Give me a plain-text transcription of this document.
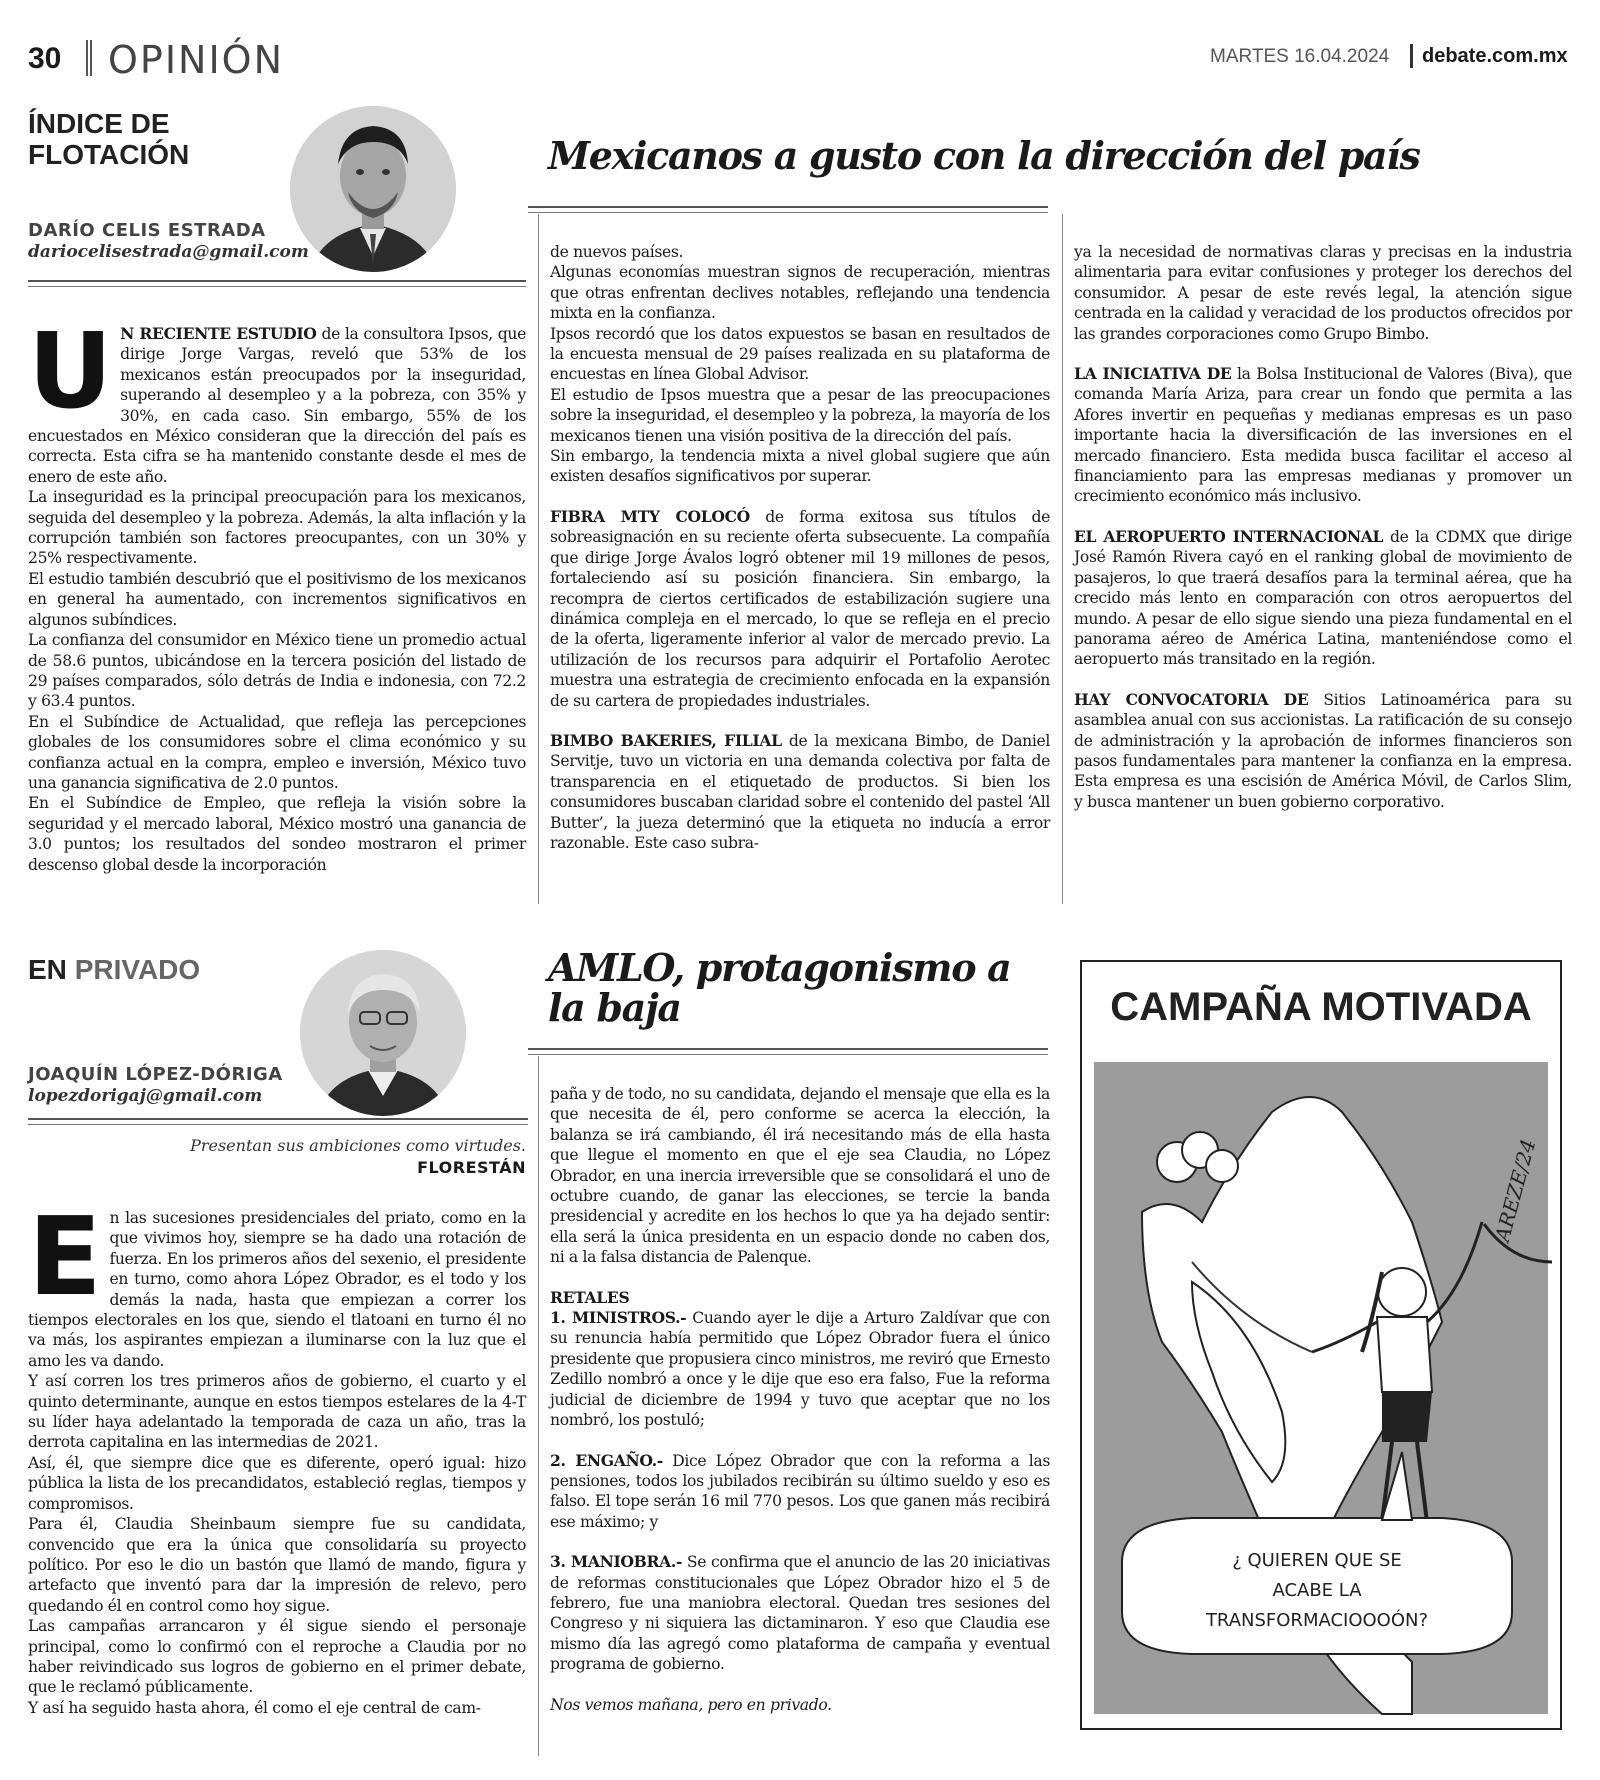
30 OPINIÓN	MARTES 16.04.2024 debate.com.mx
ÍNDICE DE
FLOTACIÓN
DARÍO CELIS ESTRADA
dariocelisestrada@gmail.com
Mexicanos a gusto con la dirección del país
U N RECIENTE ESTUDIO de la consultora Ipsos, que dirige Jorge Vargas, reveló que 53% de los mexicanos están preocupados por la inseguridad, superando al desempleo y a la pobreza, con 35% y 30%, en cada caso. Sin embargo, 55% de los encuestados en México consideran que la dirección del país es correcta. Esta cifra se ha mantenido constante desde el mes de enero de este año.

La inseguridad es la principal preocupación para los mexicanos, seguida del desempleo y la pobreza. Además, la alta inflación y la corrupción también son factores preocupantes, con un 30% y 25% respectivamente.

El estudio también descubrió que el positivismo de los mexicanos en general ha aumentado, con incrementos significativos en algunos subíndices.

La confianza del consumidor en México tiene un promedio actual de 58.6 puntos, ubicándose en la tercera posición del listado de 29 países comparados, sólo detrás de India e indonesia, con 72.2 y 63.4 puntos.

En el Subíndice de Actualidad, que refleja las percepciones globales de los consumidores sobre el clima económico y su confianza actual en la compra, empleo e inversión, México tuvo una ganancia significativa de 2.0 puntos.

En el Subíndice de Empleo, que refleja la visión sobre la seguridad y el mercado laboral, México mostró una ganancia de 3.0 puntos; los resultados del sondeo mostraron el primer descenso global desde la incorporación

de nuevos países.

Algunas economías muestran signos de recuperación, mientras que otras enfrentan declives notables, reflejando una tendencia mixta en la confianza.

Ipsos recordó que los datos expuestos se basan en resultados de la encuesta mensual de 29 países realizada en su plataforma de encuestas en línea Global Advisor.

El estudio de Ipsos muestra que a pesar de las preocupaciones sobre la inseguridad, el desempleo y la pobreza, la mayoría de los mexicanos tienen una visión positiva de la dirección del país.

Sin embargo, la tendencia mixta a nivel global sugiere que aún existen desafíos significativos por superar.

FIBRA MTY COLOCÓ de forma exitosa sus títulos de sobreasignación en su reciente oferta subsecuente. La compañía que dirige Jorge Ávalos logró obtener mil 19 millones de pesos, fortaleciendo así su posición financiera. Sin embargo, la recompra de ciertos certificados de estabilización sugiere una dinámica compleja en el mercado, lo que se refleja en el precio de la oferta, ligeramente inferior al valor de mercado previo. La utilización de los recursos para adquirir el Portafolio Aerotec muestra una estrategia de crecimiento enfocada en la expansión de su cartera de propiedades industriales.

BIMBO BAKERIES, FILIAL de la mexicana Bimbo, de Daniel Servitje, tuvo un victoria en una demanda colectiva por falta de transparencia en el etiquetado de productos. Si bien los consumidores buscaban claridad sobre el contenido del pastel ‘All Butter’, la jueza determinó que la etiqueta no inducía a error razonable. Este caso subra-

ya la necesidad de normativas claras y precisas en la industria alimentaria para evitar confusiones y proteger los derechos del consumidor. A pesar de este revés legal, la atención sigue centrada en la calidad y veracidad de los productos ofrecidos por las grandes corporaciones como Grupo Bimbo.

LA INICIATIVA DE la Bolsa Institucional de Valores (Biva), que comanda María Ariza, para crear un fondo que permita a las Afores invertir en pequeñas y medianas empresas es un paso importante hacia la diversificación de las inversiones en el mercado financiero. Esta medida busca facilitar el acceso al financiamiento para las empresas medianas y promover un crecimiento económico más inclusivo.

EL AEROPUERTO INTERNACIONAL de la CDMX que dirige José Ramón Rivera cayó en el ranking global de movimiento de pasajeros, lo que traerá desafíos para la terminal aérea, que ha crecido más lento en comparación con otros aeropuertos del mundo. A pesar de ello sigue siendo una pieza fundamental en el panorama aéreo de América Latina, manteniéndose como el aeropuerto más transitado en la región.

HAY CONVOCATORIA DE Sitios Latinoamérica para su asamblea anual con sus accionistas. La ratificación de su consejo de administración y la aprobación de informes financieros son pasos fundamentales para mantener la confianza en la empresa. Esta empresa es una escisión de América Móvil, de Carlos Slim, y busca mantener un buen gobierno corporativo.

EN PRIVADO
JOAQUÍN LÓPEZ-DÓRIGA
lopezdorigaj@gmail.com
Presentan sus ambiciones como virtudes.
FLORESTÁN
AMLO, protagonismo a
la baja
E n las sucesiones presidenciales del priato, como en la que vivimos hoy, siempre se ha dado una rotación de fuerza. En los primeros años del sexenio, el presidente en turno, como ahora López Obrador, es el todo y los demás la nada, hasta que empiezan a correr los tiempos electorales en los que, siendo el tlatoani en turno él no va más, los aspirantes empiezan a iluminarse con la luz que el amo les va dando.

Y así corren los tres primeros años de gobierno, el cuarto y el quinto determinante, aunque en estos tiempos estelares de la 4-T su líder haya adelantado la temporada de caza un año, tras la derrota capitalina en las intermedias de 2021.

Así, él, que siempre dice que es diferente, operó igual: hizo pública la lista de los precandidatos, estableció reglas, tiempos y compromisos.

Para él, Claudia Sheinbaum siempre fue su candidata, convencido que era la única que consolidaría su proyecto político. Por eso le dio un bastón que llamó de mando, figura y artefacto que inventó para dar la impresión de relevo, pero quedando él en control como hoy sigue.

Las campañas arrancaron y él sigue siendo el personaje principal, como lo confirmó con el reproche a Claudia por no haber reivindicado sus logros de gobierno en el primer debate, que le reclamó públicamente.

Y así ha seguido hasta ahora, él como el eje central de cam-

paña y de todo, no su candidata, dejando el mensaje que ella es la que necesita de él, pero conforme se acerca la elección, la balanza se irá cambiando, él irá necesitando más de ella hasta que llegue el momento en que el eje sea Claudia, no López Obrador, en una inercia irreversible que se consolidará el uno de octubre cuando, de ganar las elecciones, se tercie la banda presidencial y acredite en los hechos lo que ya ha dejado sentir: ella será la única presidenta en un espacio donde no caben dos, ni a la falsa distancia de Palenque.

RETALES

1. MINISTROS.- Cuando ayer le dije a Arturo Zaldívar que con su renuncia había permitido que López Obrador fuera el único presidente que propusiera cinco ministros, me reviró que Ernesto Zedillo nombró a once y le dije que eso era falso, Fue la reforma judicial de diciembre de 1994 y tuvo que aceptar que no los nombró, los postuló;

2. ENGAÑO.- Dice López Obrador que con la reforma a las pensiones, todos los jubilados recibirán su último sueldo y eso es falso. El tope serán 16 mil 770 pesos. Los que ganen más recibirá ese máximo; y

3. MANIOBRA.- Se confirma que el anuncio de las 20 iniciativas de reformas constitucionales que López Obrador hizo el 5 de febrero, fue una maniobra electoral. Quedan tres sesiones del Congreso y ni siquiera las dictaminaron. Y eso que Claudia ese mismo día las agregó como plataforma de campaña y eventual programa de gobierno.

Nos vemos mañana, pero en privado.

CAMPAÑA MOTIVADA
¿ QUIEREN QUE SE
ACABE LA
TRANSFORMACIOOOÓN?
AREZE/24
